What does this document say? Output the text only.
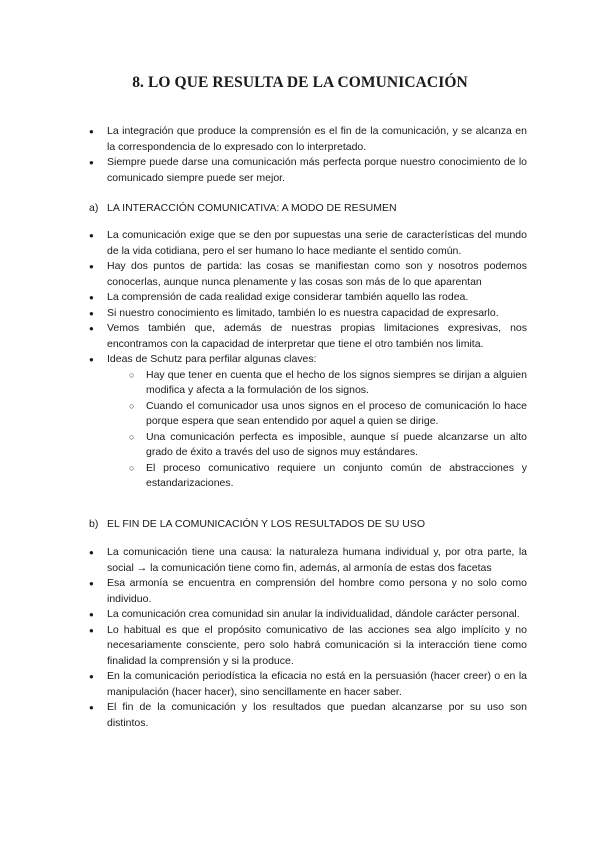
8. LO QUE RESULTA DE LA COMUNICACIÓN
● La integración que produce la comprensión es el fin de la comunicación, y se alcanza en la correspondencia de lo expresado con lo interpretado.
● Siempre puede darse una comunicación más perfecta porque nuestro conocimiento de lo comunicado siempre puede ser mejor.
a) LA INTERACCIÓN COMUNICATIVA: A MODO DE RESUMEN
● La comunicación exige que se den por supuestas una serie de características del mundo de la vida cotidiana, pero el ser humano lo hace mediante el sentido común.
● Hay dos puntos de partida: las cosas se manifiestan como son y nosotros podemos conocerlas, aunque nunca plenamente y las cosas son más de lo que aparentan
● La comprensión de cada realidad exige considerar también aquello las rodea.
● Si nuestro conocimiento es limitado, también lo es nuestra capacidad de expresarlo.
● Vemos también que, además de nuestras propias limitaciones expresivas, nos encontramos con la capacidad de interpretar que tiene el otro también nos limita.
● Ideas de Schutz para perfilar algunas claves:
○ Hay que tener en cuenta que el hecho de los signos siempres se dirijan a alguien modifica y afecta a la formulación de los signos.
○ Cuando el comunicador usa unos signos en el proceso de comunicación lo hace porque espera que sean entendido por aquel a quien se dirige.
○ Una comunicación perfecta es imposible, aunque sí puede alcanzarse un alto grado de éxito a través del uso de signos muy estándares.
○ El proceso comunicativo requiere un conjunto común de abstracciones y estandarizaciones.
b) EL FIN DE LA COMUNICACIÓN Y LOS RESULTADOS DE SU USO
● La comunicación tiene una causa: la naturaleza humana individual y, por otra parte, la social → la comunicación tiene como fin, además, al armonía de estas dos facetas
● Esa armonía se encuentra en comprensión del hombre como persona y no solo como individuo.
● La comunicación crea comunidad sin anular la individualidad, dándole carácter personal.
● Lo habitual es que el propósito comunicativo de las acciones sea algo implícito y no necesariamente consciente, pero solo habrá comunicación si la interacción tiene como finalidad la comprensión y si la produce.
● En la comunicación periodística la eficacia no está en la persuasión (hacer creer) o en la manipulación (hacer hacer), sino sencillamente en hacer saber.
● El fin de la comunicación y los resultados que puedan alcanzarse por su uso son distintos.
